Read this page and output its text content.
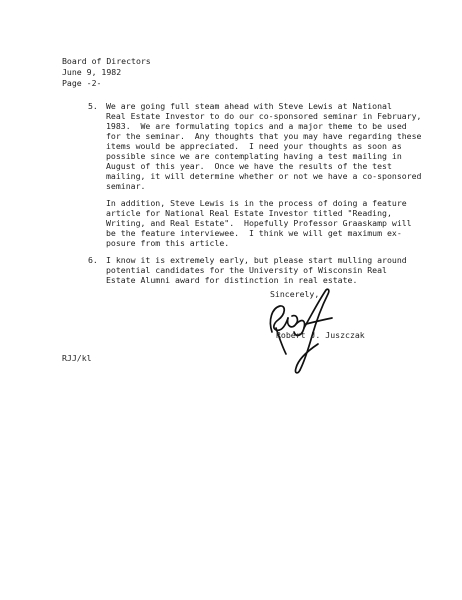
Board of Directors
June 9, 1982
Page -2-
5. We are going full steam ahead with Steve Lewis at National
Real Estate Investor to do our co-sponsored seminar in February,
1983.  We are formulating topics and a major theme to be used
for the seminar.  Any thoughts that you may have regarding these
items would be appreciated.  I need your thoughts as soon as
possible since we are contemplating having a test mailing in
August of this year.  Once we have the results of the test
mailing, it will determine whether or not we have a co-sponsored
seminar.
In addition, Steve Lewis is in the process of doing a feature
article for National Real Estate Investor titled "Reading,
Writing, and Real Estate".  Hopefully Professor Graaskamp will
be the feature interviewee.  I think we will get maximum ex-
posure from this article.
6. I know it is extremely early, but please start mulling around
potential candidates for the University of Wisconsin Real
Estate Alumni award for distinction in real estate.
Sincerely,
Robert J. Juszczak
RJJ/kl
